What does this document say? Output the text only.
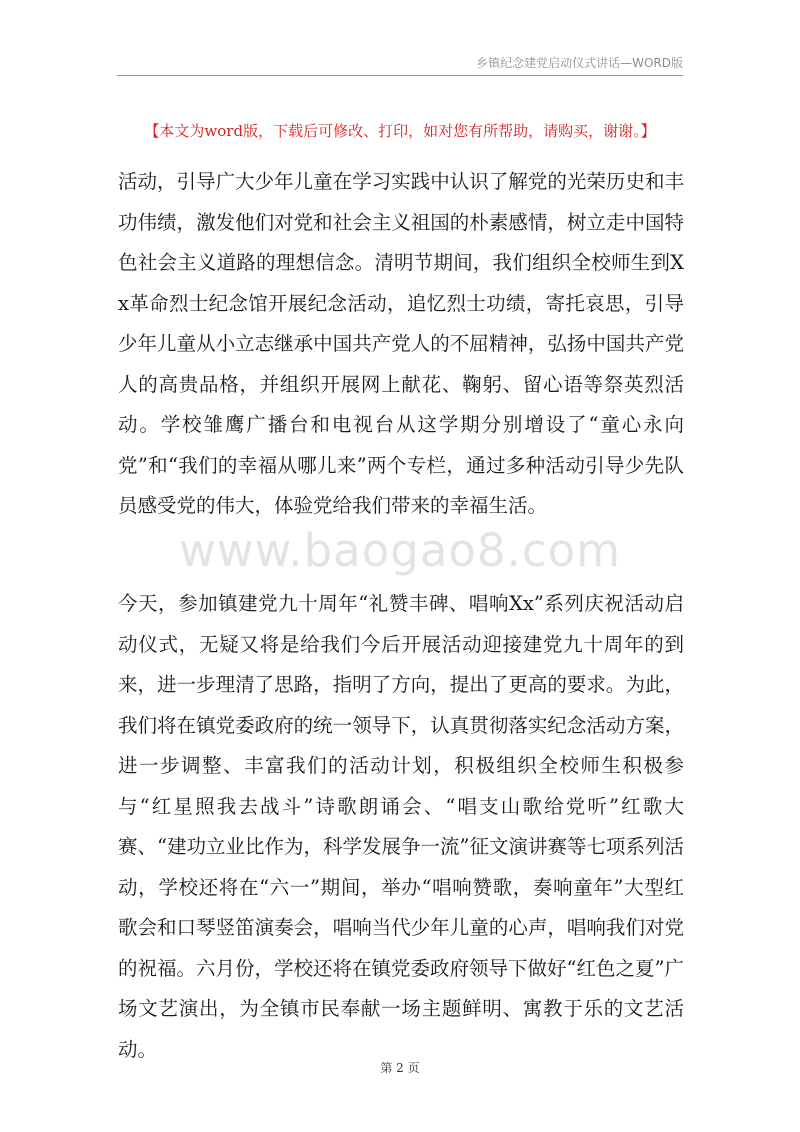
乡镇纪念建党启动仪式讲话—WORD版
【本文为word版，下载后可修改、打印，如对您有所帮助，请购买，谢谢。】

活动，引导广大少年儿童在学习实践中认识了解党的光荣历史和丰功伟绩，激发他们对党和社会主义祖国的朴素感情，树立走中国特色社会主义道路的理想信念。清明节期间，我们组织全校师生到Xx革命烈士纪念馆开展纪念活动，追忆烈士功绩，寄托哀思，引导少年儿童从小立志继承中国共产党人的不屈精神，弘扬中国共产党人的高贵品格，并组织开展网上献花、鞠躬、留心语等祭英烈活动。学校雏鹰广播台和电视台从这学期分别增设了“童心永向党”和“我们的幸福从哪儿来”两个专栏，通过多种活动引导少先队员感受党的伟大，体验党给我们带来的幸福生活。

www.baogao8.com

今天，参加镇建党九十周年“礼赞丰碑、唱响Xx”系列庆祝活动启动仪式，无疑又将是给我们今后开展活动迎接建党九十周年的到来，进一步理清了思路，指明了方向，提出了更高的要求。为此，我们将在镇党委政府的统一领导下，认真贯彻落实纪念活动方案，进一步调整、丰富我们的活动计划，积极组织全校师生积极参与“红星照我去战斗”诗歌朗诵会、“唱支山歌给党听”红歌大赛、“建功立业比作为，科学发展争一流”征文演讲赛等七项系列活动，学校还将在“六一”期间，举办“唱响赞歌，奏响童年”大型红歌会和口琴竖笛演奏会，唱响当代少年儿童的心声，唱响我们对党的祝福。六月份，学校还将在镇党委政府领导下做好“红色之夏”广场文艺演出，为全镇市民奉献一场主题鲜明、寓教于乐的文艺活动。

第 2 页
